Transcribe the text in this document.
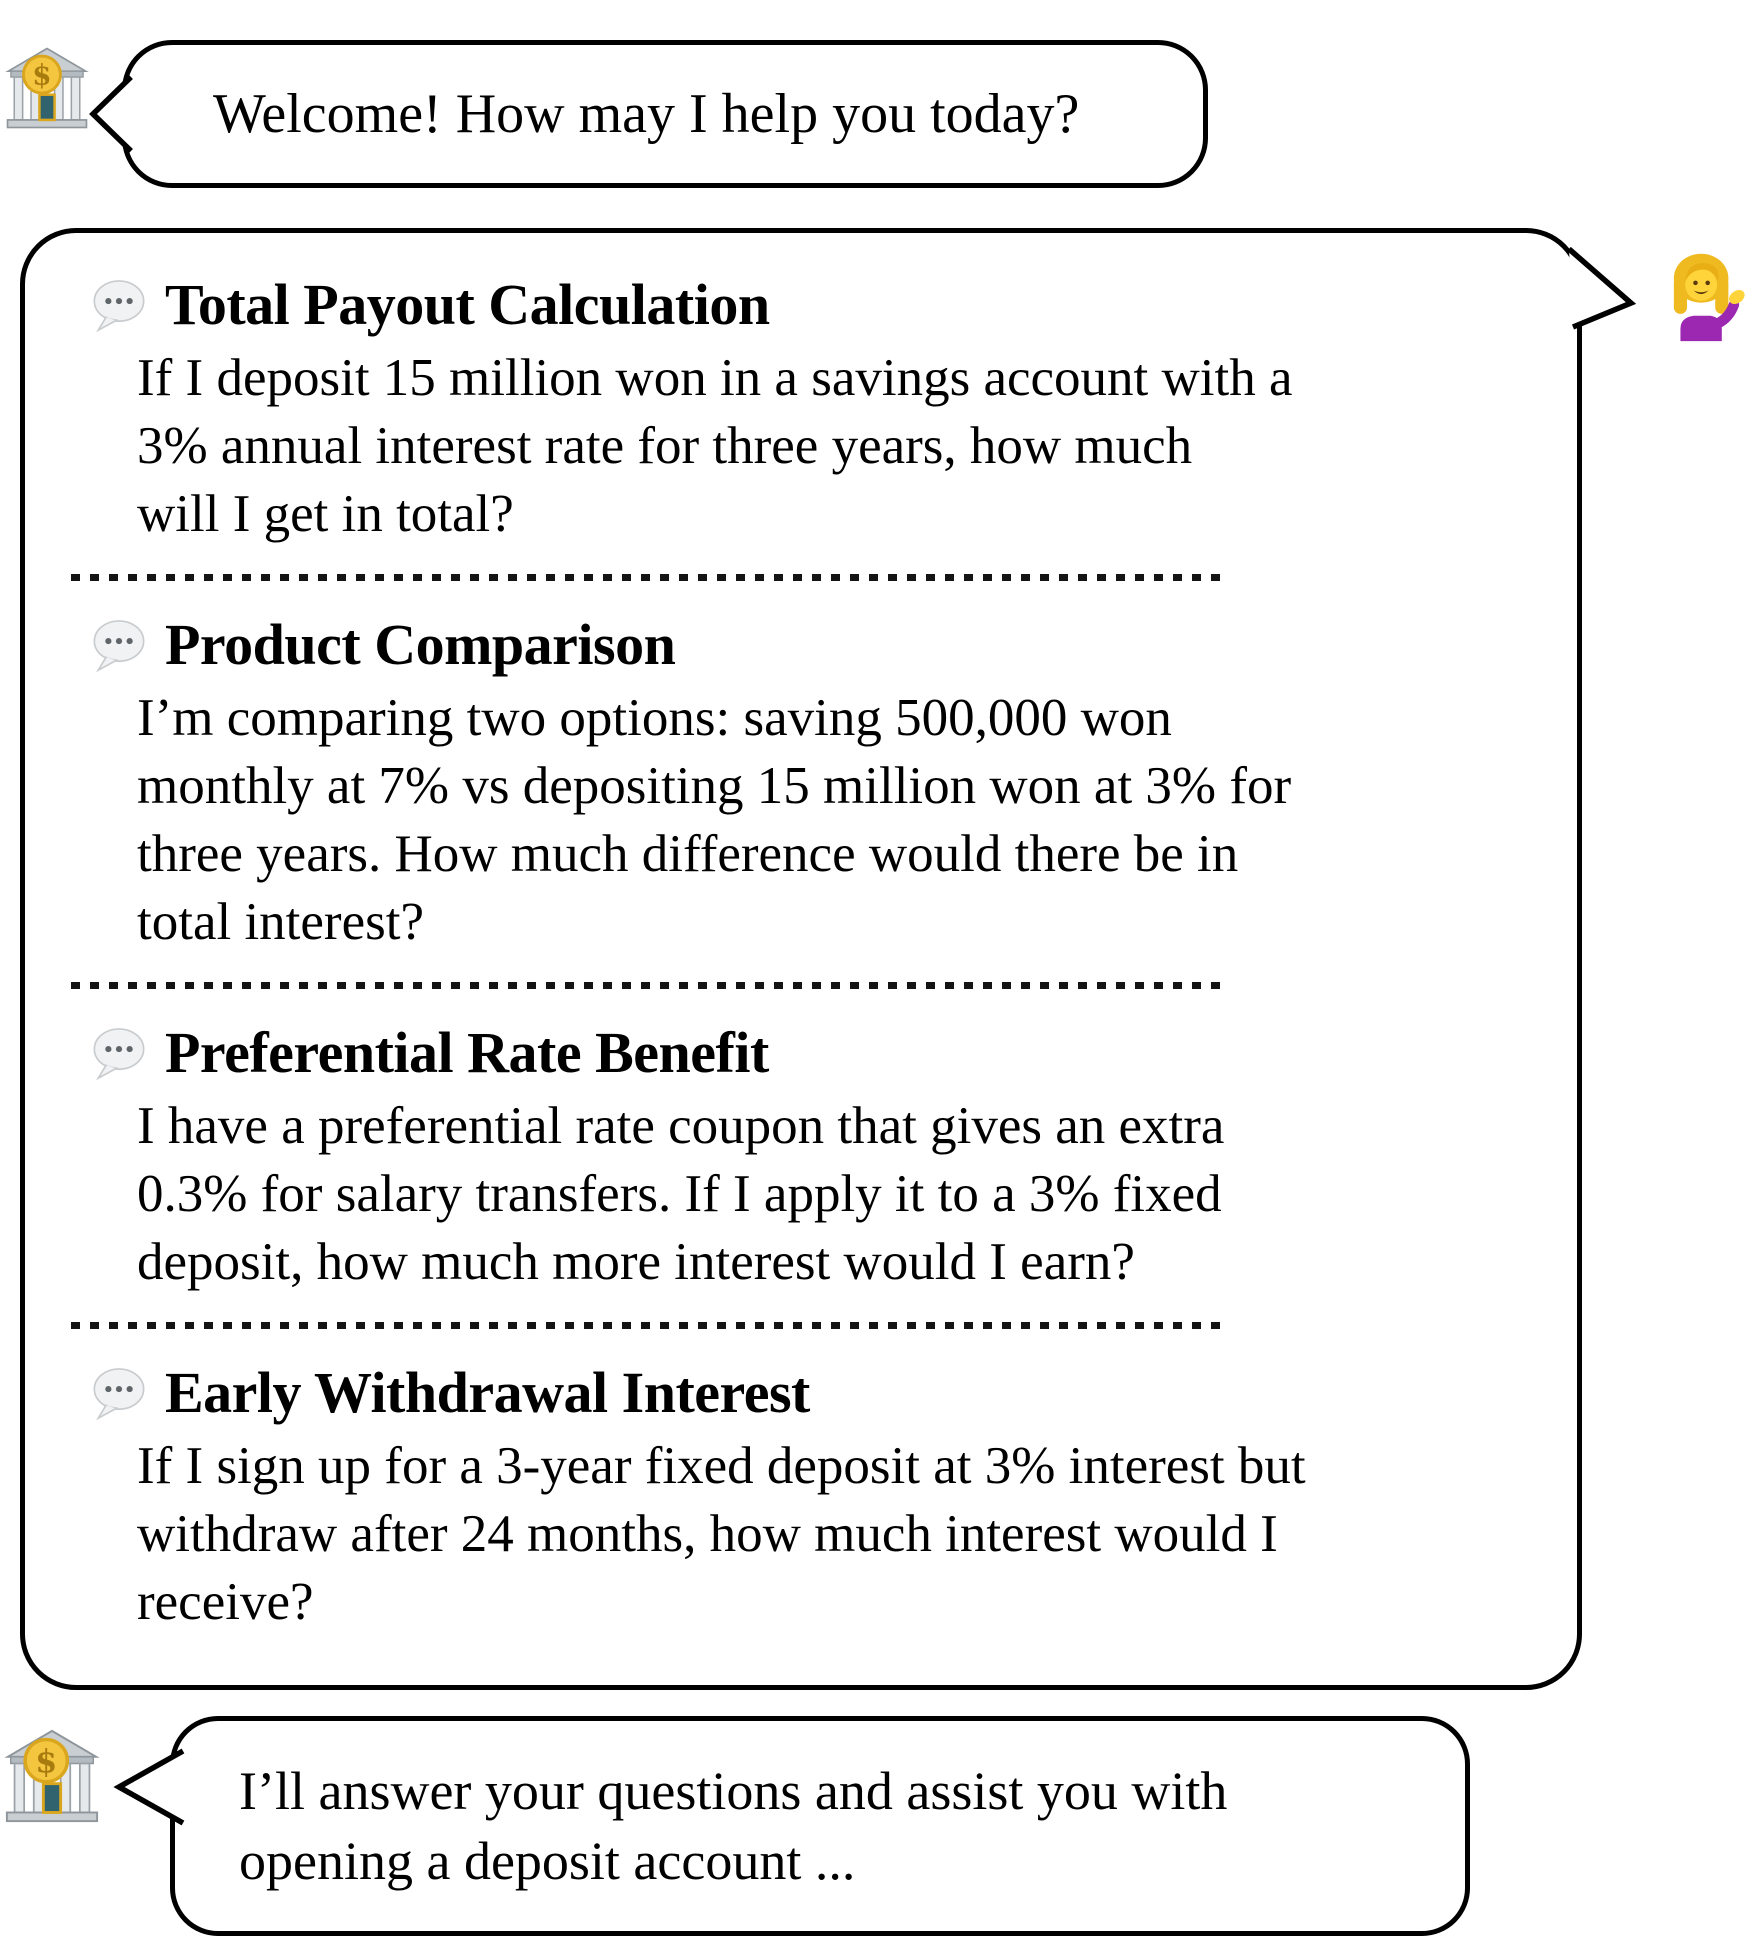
Welcome! How may I help you today?
Total Payout Calculation
If I deposit 15 million won in a savings account with a
3% annual interest rate for three years, how much
will I get in total?
Product Comparison
I’m comparing two options: saving 500,000 won
monthly at 7% vs depositing 15 million won at 3% for
three years. How much difference would there be in
total interest?
Preferential Rate Benefit
I have a preferential rate coupon that gives an extra
0.3% for salary transfers. If I apply it to a 3% fixed
deposit, how much more interest would I earn?
Early Withdrawal Interest
If I sign up for a 3-year fixed deposit at 3% interest but
withdraw after 24 months, how much interest would I
receive?
I’ll answer your questions and assist you with
opening a deposit account ...
